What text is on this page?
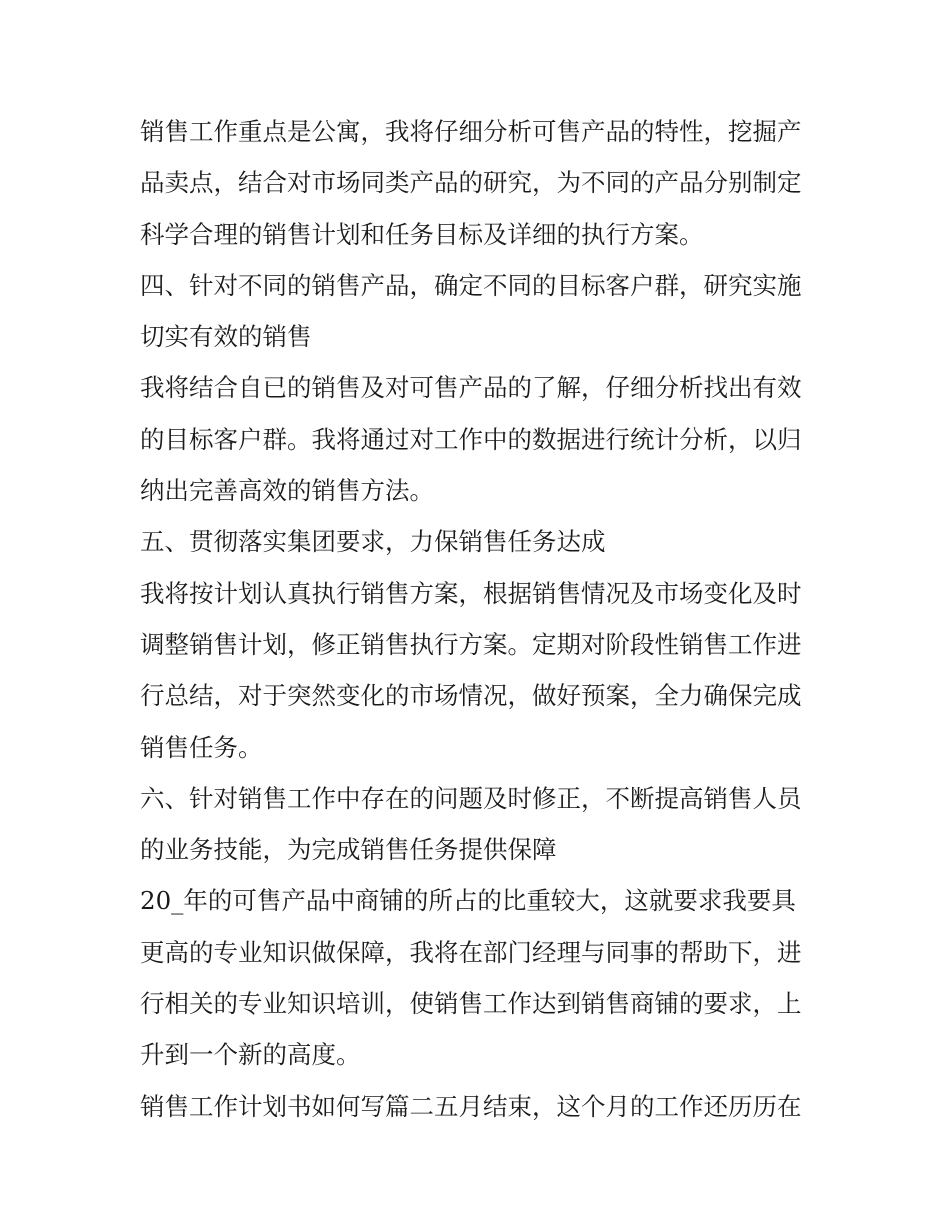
销售工作重点是公寓，我将仔细分析可售产品的特性，挖掘产
品卖点，结合对市场同类产品的研究，为不同的产品分别制定
科学合理的销售计划和任务目标及详细的执行方案。
四、针对不同的销售产品，确定不同的目标客户群，研究实施
切实有效的销售
我将结合自已的销售及对可售产品的了解，仔细分析找出有效
的目标客户群。我将通过对工作中的数据进行统计分析，以归
纳出完善高效的销售方法。
五、贯彻落实集团要求，力保销售任务达成
我将按计划认真执行销售方案，根据销售情况及市场变化及时
调整销售计划，修正销售执行方案。定期对阶段性销售工作进
行总结，对于突然变化的市场情况，做好预案，全力确保完成
销售任务。
六、针对销售工作中存在的问题及时修正，不断提高销售人员
的业务技能，为完成销售任务提供保障
20_年的可售产品中商铺的所占的比重较大，这就要求我要具
更高的专业知识做保障，我将在部门经理与同事的帮助下，进
行相关的专业知识培训，使销售工作达到销售商铺的要求，上
升到一个新的高度。
销售工作计划书如何写篇二五月结束，这个月的工作还历历在
